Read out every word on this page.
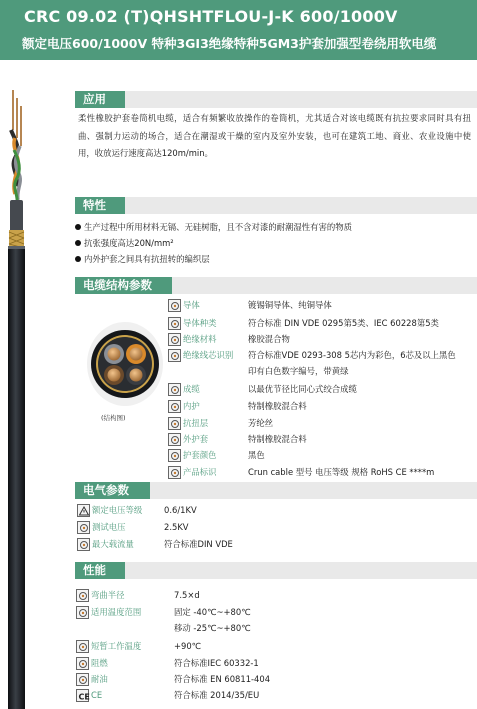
CRC 09.02 (T)QHSHTFLOU-J-K 600/1000V
额定电压600/1000V 特种3GI3绝缘特种5GM3护套加强型卷绕用软电缆
应用
柔性橡胶护套卷筒机电缆，适合有频繁收放操作的卷筒机，尤其适合对该电缆既有抗拉要求同时具有扭曲、强制力运动的场合，适合在潮湿或干燥的室内及室外安装，也可在建筑工地、商业、农业设施中使用，收放运行速度高达120m/min。
特性
生产过程中所用材料无镉、无硅树脂，且不含对漆的耐潮湿性有害的物质
抗张强度高达20N/mm²
内外护套之间具有抗扭转的编织层
电缆结构参数
(结构图)
导体	镀锡铜导体、纯铜导体
导体种类	符合标准 DIN VDE 0295第5类、IEC 60228第5类
绝缘材料	橡胶混合物
绝缘线芯识别 符合标准VDE 0293-308 5芯内为彩色，6芯及以上黑色
印有白色数字编号，带黄绿
成缆	以最优节径比同心式绞合成缆
内护	特制橡胶混合料
抗扭层	芳纶丝
外护套	特制橡胶混合料
护套颜色	黑色
产品标识	Crun cable 型号 电压等级 规格 RoHS CE ****m
电气参数
额定电压等级	0.6/1KV
测试电压	2.5KV
最大载流量	符合标准DIN VDE
性能
弯曲半径	7.5×d
适用温度范围	固定 -40℃~+80℃
移动 -25℃~+80℃
短暂工作温度	+90℃
阻燃	符合标准IEC 60332-1
耐油	符合标准 EN 60811-404
CE CE	符合标准 2014/35/EU
